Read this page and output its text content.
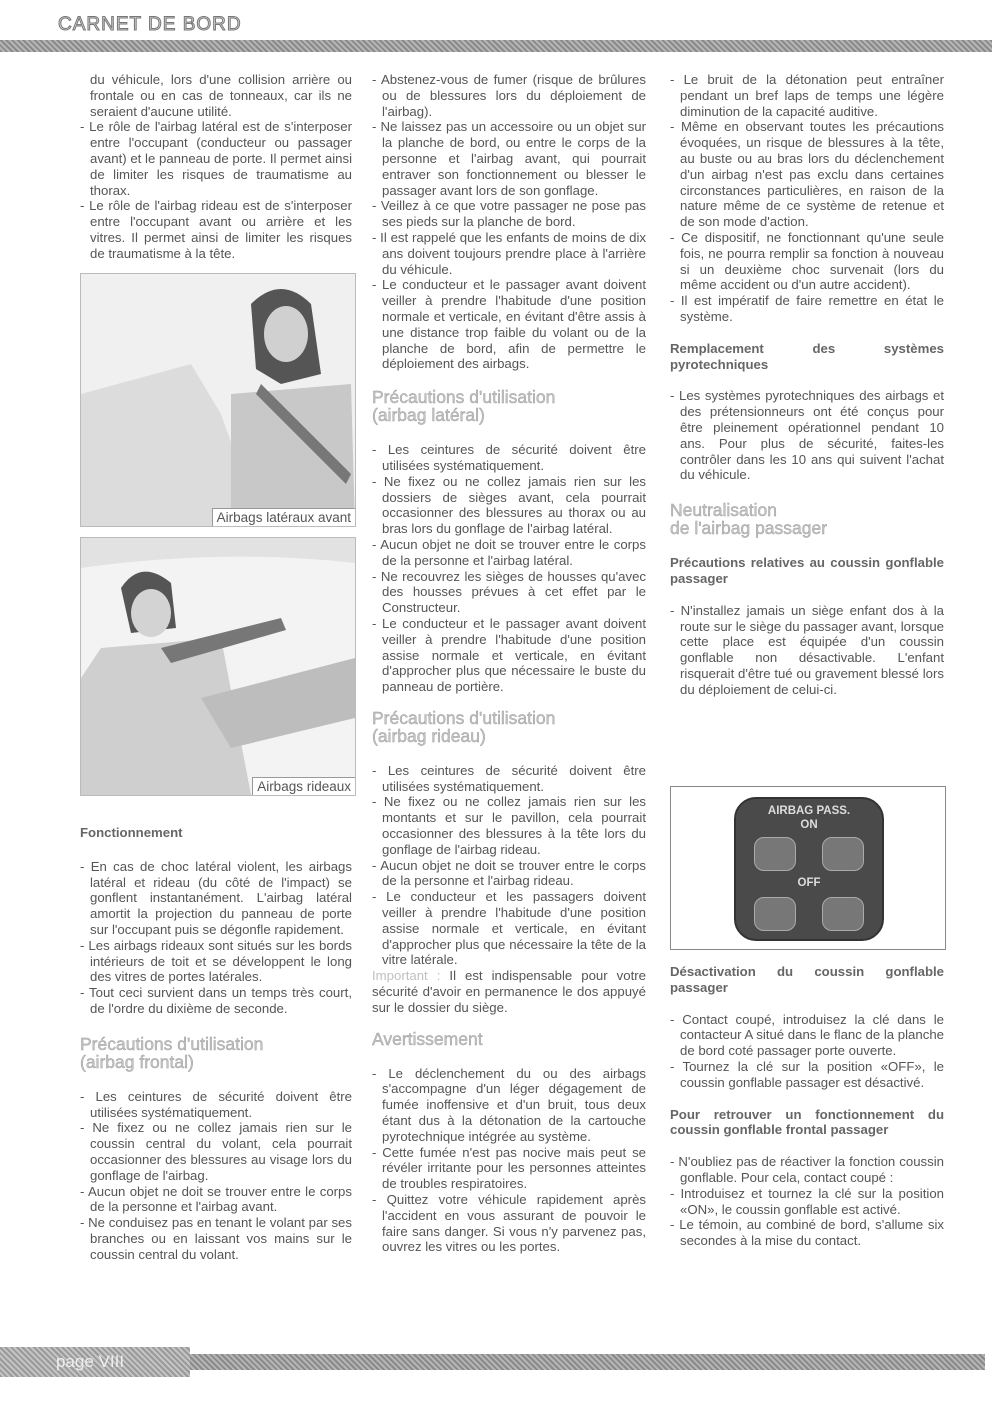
CARNET DE BORD

du véhicule, lors d'une collision arrière ou frontale ou en cas de tonneaux, car ils ne seraient d'aucune utilité.

- Le rôle de l'airbag latéral est de s'interposer entre l'occupant (conducteur ou passager avant) et le panneau de porte. Il permet ainsi de limiter les risques de traumatisme au thorax.

- Le rôle de l'airbag rideau est de s'interposer entre l'occupant avant ou arrière et les vitres. Il permet ainsi de limiter les risques de traumatisme à la tête.

Airbags latéraux avant
Airbags rideaux

Fonctionnement

- En cas de choc latéral violent, les airbags latéral et rideau (du côté de l'impact) se gonflent instantanément. L'airbag latéral amortit la projection du panneau de porte sur l'occupant puis se dégonfle rapidement.

- Les airbags rideaux sont situés sur les bords intérieurs de toit et se développent le long des vitres de portes latérales.

- Tout ceci survient dans un temps très court, de l'ordre du dixième de seconde.

Précautions d'utilisation

(airbag frontal)

- Les ceintures de sécurité doivent être utilisées systématiquement.

- Ne fixez ou ne collez jamais rien sur le coussin central du volant, cela pourrait occasionner des blessures au visage lors du gonflage de l'airbag.

- Aucun objet ne doit se trouver entre le corps de la personne et l'airbag avant.

- Ne conduisez pas en tenant le volant par ses branches ou en laissant vos mains sur le coussin central du volant.

- Abstenez-vous de fumer (risque de brûlures ou de blessures lors du déploiement de l'airbag).

- Ne laissez pas un accessoire ou un objet sur la planche de bord, ou entre le corps de la personne et l'airbag avant, qui pourrait entraver son fonctionnement ou blesser le passager avant lors de son gonflage.

- Veillez à ce que votre passager ne pose pas ses pieds sur la planche de bord.

- Il est rappelé que les enfants de moins de dix ans doivent toujours prendre place à l'arrière du véhicule.

- Le conducteur et le passager avant doivent veiller à prendre l'habitude d'une position normale et verticale, en évitant d'être assis à une distance trop faible du volant ou de la planche de bord, afin de permettre le déploiement des airbags.

Précautions d'utilisation

(airbag latéral)

- Les ceintures de sécurité doivent être utilisées systématiquement.

- Ne fixez ou ne collez jamais rien sur les dossiers de sièges avant, cela pourrait occasionner des blessures au thorax ou au bras lors du gonflage de l'airbag latéral.

- Aucun objet ne doit se trouver entre le corps de la personne et l'airbag latéral.

- Ne recouvrez les sièges de housses qu'avec des housses prévues à cet effet par le Constructeur.

- Le conducteur et le passager avant doivent veiller à prendre l'habitude d'une position assise normale et verticale, en évitant d'approcher plus que nécessaire le buste du panneau de portière.

Précautions d'utilisation

(airbag rideau)

- Les ceintures de sécurité doivent être utilisées systématiquement.

- Ne fixez ou ne collez jamais rien sur les montants et sur le pavillon, cela pourrait occasionner des blessures à la tête lors du gonflage de l'airbag rideau.

- Aucun objet ne doit se trouver entre le corps de la personne et l'airbag rideau.

- Le conducteur et les passagers doivent veiller à prendre l'habitude d'une position assise normale et verticale, en évitant d'approcher plus que nécessaire la tête de la vitre latérale.

Important : Il est indispensable pour votre sécurité d'avoir en permanence le dos appuyé sur le dossier du siège.

Avertissement

- Le déclenchement du ou des airbags s'accompagne d'un léger dégagement de fumée inoffensive et d'un bruit, tous deux étant dus à la détonation de la cartouche pyrotechnique intégrée au système.

- Cette fumée n'est pas nocive mais peut se révéler irritante pour les personnes atteintes de troubles respiratoires.

- Quittez votre véhicule rapidement après l'accident en vous assurant de pouvoir le faire sans danger. Si vous n'y parvenez pas, ouvrez les vitres ou les portes.

- Le bruit de la détonation peut entraîner pendant un bref laps de temps une légère diminution de la capacité auditive.

- Même en observant toutes les précautions évoquées, un risque de blessures à la tête, au buste ou au bras lors du déclenchement d'un airbag n'est pas exclu dans certaines circonstances particulières, en raison de la nature même de ce système de retenue et de son mode d'action.

- Ce dispositif, ne fonctionnant qu'une seule fois, ne pourra remplir sa fonction à nouveau si un deuxième choc survenait (lors du même accident ou d'un autre accident).

- Il est impératif de faire remettre en état le système.

Remplacement des systèmes pyrotechniques

- Les systèmes pyrotechniques des airbags et des prétensionneurs ont été conçus pour être pleinement opérationnel pendant 10 ans. Pour plus de sécurité, faites-les contrôler dans les 10 ans qui suivent l'achat du véhicule.

Neutralisation

de l'airbag passager

Précautions relatives au coussin gonflable passager

- N'installez jamais un siège enfant dos à la route sur le siège du passager avant, lorsque cette place est équipée d'un coussin gonflable non désactivable. L'enfant risquerait d'être tué ou gravement blessé lors du déploiement de celui-ci.

AIRBAG PASS.
ON
OFF

Désactivation du coussin gonflable passager

- Contact coupé, introduisez la clé dans le contacteur A situé dans le flanc de la planche de bord coté passager porte ouverte.

- Tournez la clé sur la position «OFF», le coussin gonflable passager est désactivé.

Pour retrouver un fonctionnement du coussin gonflable frontal passager

- N'oubliez pas de réactiver la fonction coussin gonflable. Pour cela, contact coupé :

- Introduisez et tournez la clé sur la position «ON», le coussin gonflable est activé.

- Le témoin, au combiné de bord, s'allume six secondes à la mise du contact.

page VIII
